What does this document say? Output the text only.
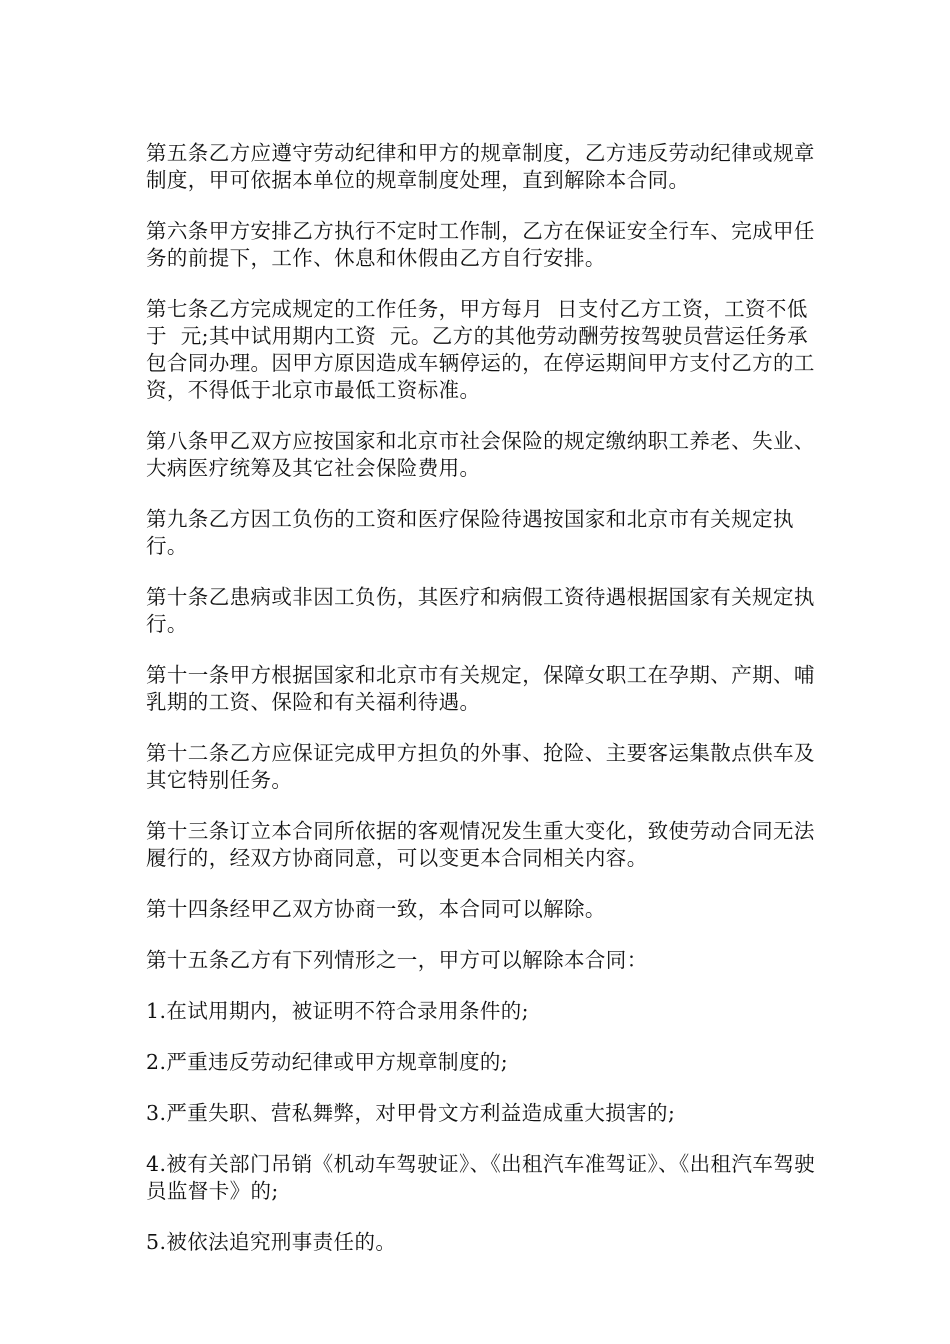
第五条乙方应遵守劳动纪律和甲方的规章制度，乙方违反劳动纪律或规章制度，甲可依据本单位的规章制度处理，直到解除本合同。

第六条甲方安排乙方执行不定时工作制，乙方在保证安全行车、完成甲任务的前提下，工作、休息和休假由乙方自行安排。

第七条乙方完成规定的工作任务，甲方每月  日支付乙方工资，工资不低于  元;其中试用期内工资  元。乙方的其他劳动酬劳按驾驶员营运任务承包合同办理。因甲方原因造成车辆停运的，在停运期间甲方支付乙方的工资，不得低于北京市最低工资标准。

第八条甲乙双方应按国家和北京市社会保险的规定缴纳职工养老、失业、大病医疗统筹及其它社会保险费用。

第九条乙方因工负伤的工资和医疗保险待遇按国家和北京市有关规定执行。

第十条乙患病或非因工负伤，其医疗和病假工资待遇根据国家有关规定执行。

第十一条甲方根据国家和北京市有关规定，保障女职工在孕期、产期、哺乳期的工资、保险和有关福利待遇。

第十二条乙方应保证完成甲方担负的外事、抢险、主要客运集散点供车及其它特别任务。

第十三条订立本合同所依据的客观情况发生重大变化，致使劳动合同无法履行的，经双方协商同意，可以变更本合同相关内容。

第十四条经甲乙双方协商一致，本合同可以解除。

第十五条乙方有下列情形之一，甲方可以解除本合同：

1.在试用期内，被证明不符合录用条件的;

2.严重违反劳动纪律或甲方规章制度的;

3.严重失职、营私舞弊，对甲骨文方利益造成重大损害的;

4.被有关部门吊销《机动车驾驶证》、《出租汽车准驾证》、《出租汽车驾驶员监督卡》的;

5.被依法追究刑事责任的。
